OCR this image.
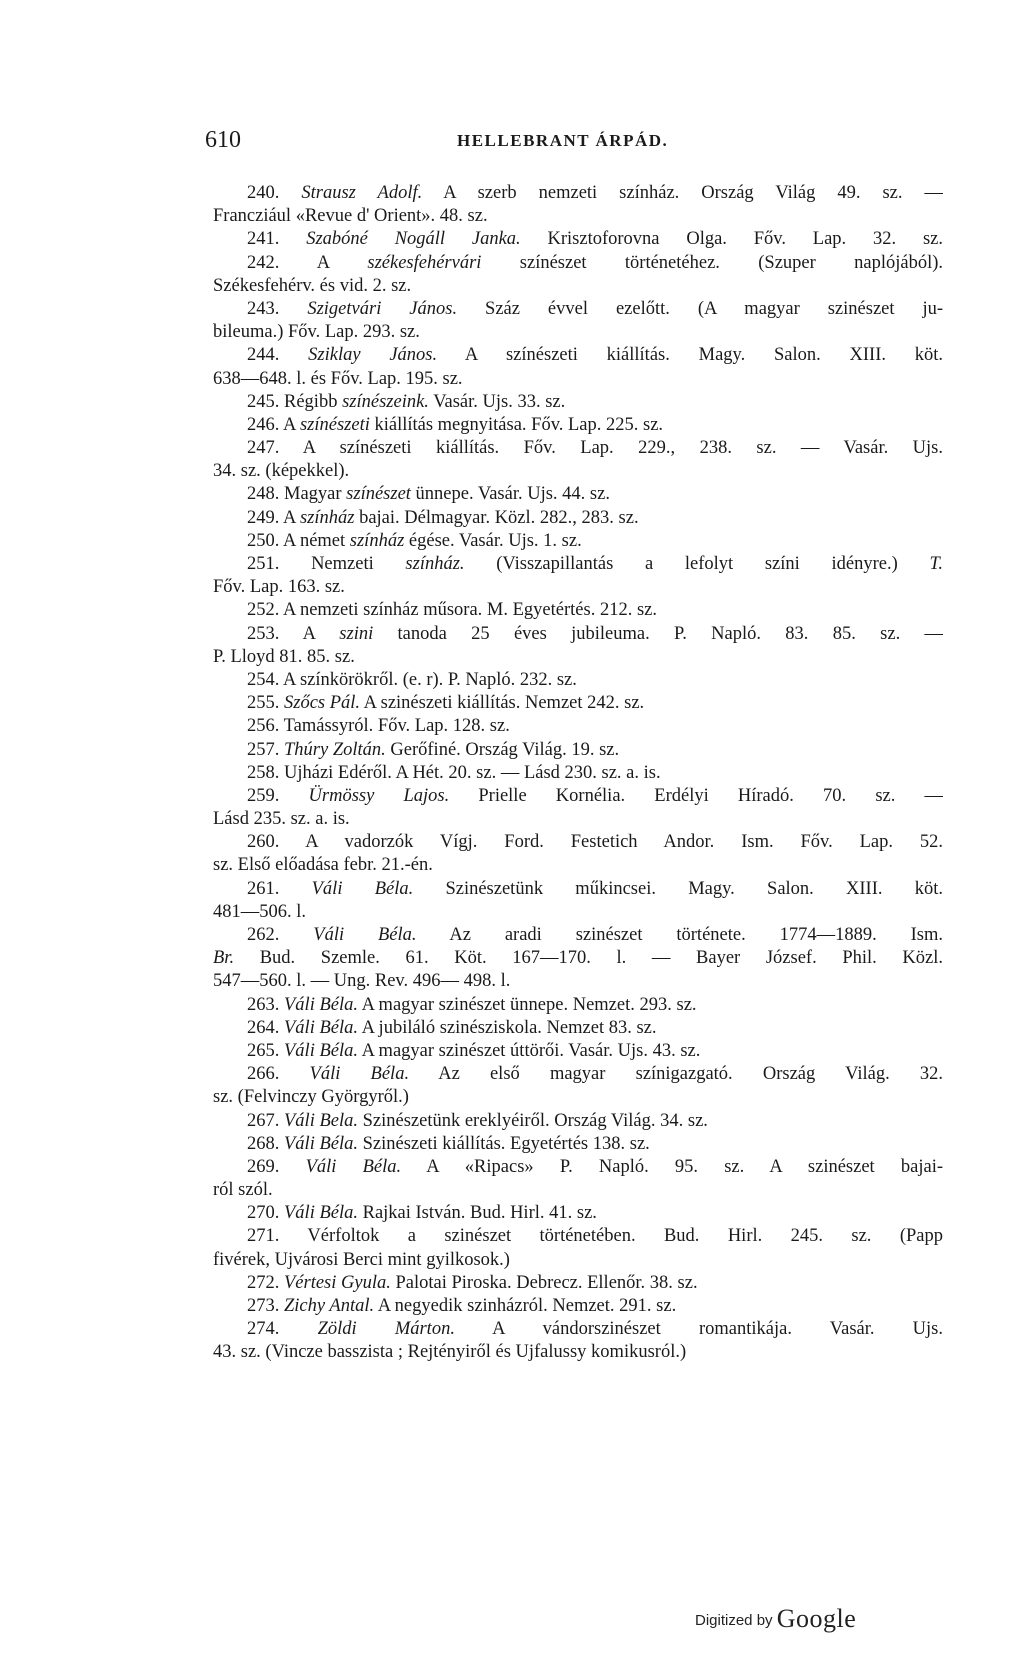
610	HELLEBRANT ÁRPÁD.
240. Strausz Adolf. A szerb nemzeti színház. Ország Világ 49. sz. —
Francziául «Revue d' Orient». 48. sz.
241. Szabóné Nogáll Janka. Krisztoforovna Olga. Főv. Lap. 32. sz.
242. A székesfehérvári színészet történetéhez. (Szuper naplójából).
Székesfehérv. és vid. 2. sz.
243. Szigetvári János. Száz évvel ezelőtt. (A magyar szinészet ju-
bileuma.) Főv. Lap. 293. sz.
244. Sziklay János. A színészeti kiállítás. Magy. Salon. XIII. köt.
638—648. l. és Főv. Lap. 195. sz.
245. Régibb színészeink. Vasár. Ujs. 33. sz.
246. A színészeti kiállítás megnyitása. Főv. Lap. 225. sz.
247. A színészeti kiállítás. Főv. Lap. 229., 238. sz. — Vasár. Ujs.
34. sz. (képekkel).
248. Magyar színészet ünnepe. Vasár. Ujs. 44. sz.
249. A színház bajai. Délmagyar. Közl. 282., 283. sz.
250. A német színház égése. Vasár. Ujs. 1. sz.
251. Nemzeti színház. (Visszapillantás a lefolyt színi idényre.) T.
Főv. Lap. 163. sz.
252. A nemzeti színház műsora. M. Egyetértés. 212. sz.
253. A szini tanoda 25 éves jubileuma. P. Napló. 83. 85. sz. —
P. Lloyd 81. 85. sz.
254. A színkörökről. (e. r). P. Napló. 232. sz.
255. Szőcs Pál. A szinészeti kiállítás. Nemzet 242. sz.
256. Tamássyról. Főv. Lap. 128. sz.
257. Thúry Zoltán. Gerőfiné. Ország Világ. 19. sz.
258. Ujházi Edéről. A Hét. 20. sz. — Lásd 230. sz. a. is.
259. Ürmössy Lajos. Prielle Kornélia. Erdélyi Híradó. 70. sz. —
Lásd 235. sz. a. is.
260. A vadorzók Vígj. Ford. Festetich Andor. Ism. Főv. Lap. 52.
sz. Első előadása febr. 21.-én.
261. Váli Béla. Szinészetünk műkincsei. Magy. Salon. XIII. köt.
481—506. l.
262. Váli Béla. Az aradi szinészet története. 1774—1889. Ism.
Br. Bud. Szemle. 61. Köt. 167—170. l. — Bayer József. Phil. Közl.
547—560. l. — Ung. Rev. 496— 498. l.
263. Váli Béla. A magyar szinészet ünnepe. Nemzet. 293. sz.
264. Váli Béla. A jubiláló szinésziskola. Nemzet 83. sz.
265. Váli Béla. A magyar szinészet úttörői. Vasár. Ujs. 43. sz.
266. Váli Béla. Az első magyar színigazgató. Ország Világ. 32.
sz. (Felvinczy Györgyről.)
267. Váli Bela. Szinészetünk ereklyéiről. Ország Világ. 34. sz.
268. Váli Béla. Szinészeti kiállítás. Egyetértés 138. sz.
269. Váli Béla. A «Ripacs» P. Napló. 95. sz. A szinészet bajai-
ról szól.
270. Váli Béla. Rajkai István. Bud. Hirl. 41. sz.
271. Vérfoltok a szinészet történetében. Bud. Hirl. 245. sz. (Papp
fivérek, Ujvárosi Berci mint gyilkosok.)
272. Vértesi Gyula. Palotai Piroska. Debrecz. Ellenőr. 38. sz.
273. Zichy Antal. A negyedik szinházról. Nemzet. 291. sz.
274. Zöldi Márton. A vándorszinészet romantikája. Vasár. Ujs.
43. sz. (Vincze basszista ; Rejtényiről és Ujfalussy komikusról.)
Digitized by Google
